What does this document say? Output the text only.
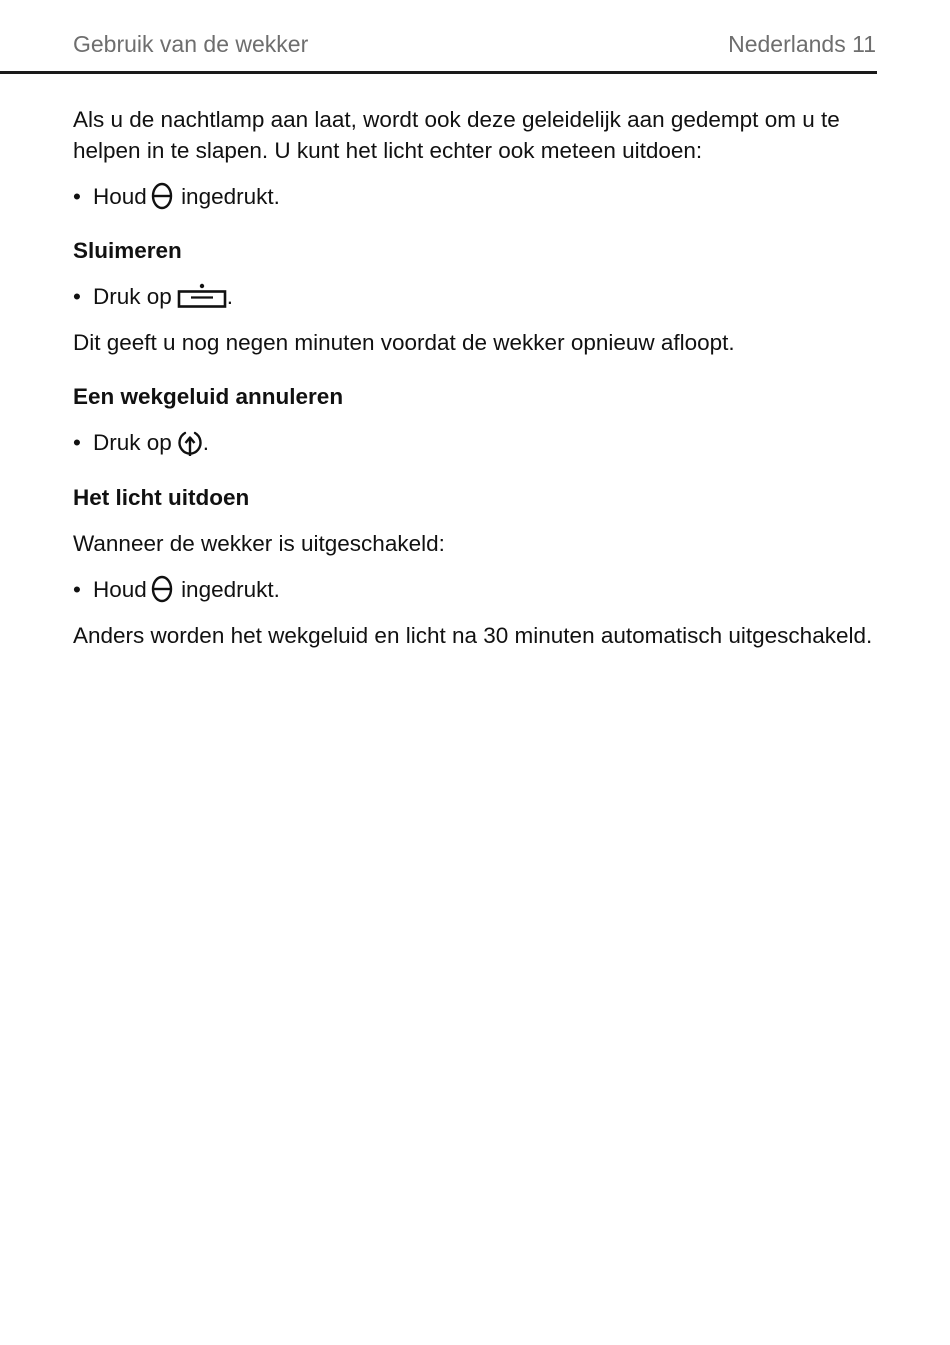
Gebruik van de wekker	Nederlands 11

Als u de nachtlamp aan laat, wordt ook deze geleidelijk aan gedempt om u te helpen in te slapen. U kunt het licht echter ook meteen uitdoen:

• Houd ingedrukt.
Sluimeren
• Druk op .

Dit geeft u nog negen minuten voordat de wekker opnieuw afloopt.

Een wekgeluid annuleren
• Druk op .
Het licht uitdoen

Wanneer de wekker is uitgeschakeld:

• Houd ingedrukt.

Anders worden het wekgeluid en licht na 30 minuten automatisch uitgeschakeld.
